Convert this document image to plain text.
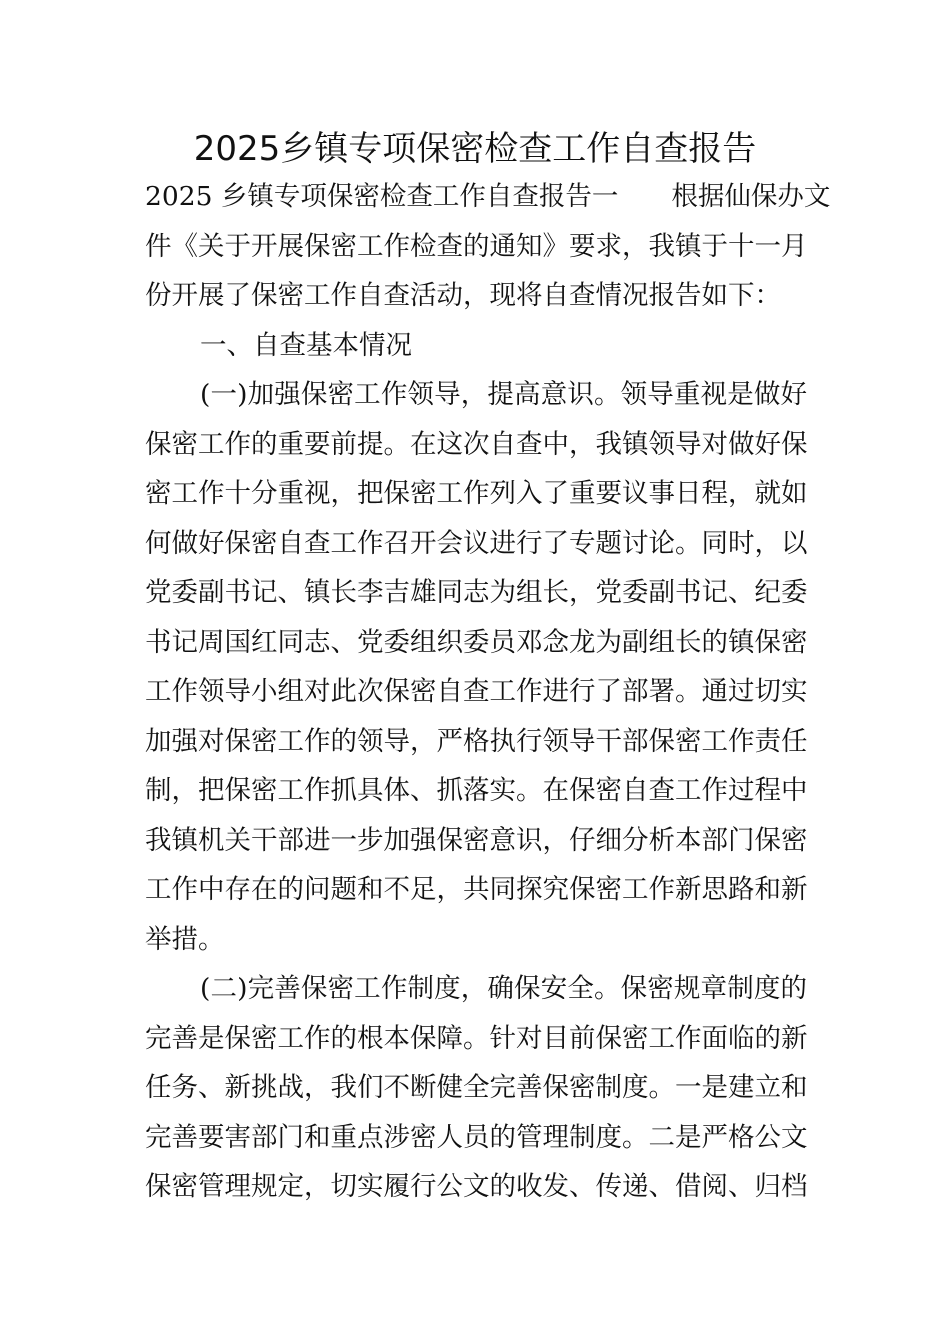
2025乡镇专项保密检查工作自查报告
2025 乡镇专项保密检查工作自查报告一　　根据仙保办文
件《关于开展保密工作检查的通知》要求，我镇于十一月
份开展了保密工作自查活动，现将自查情况报告如下：
一、自查基本情况
(一)加强保密工作领导，提高意识。领导重视是做好
保密工作的重要前提。在这次自查中，我镇领导对做好保
密工作十分重视，把保密工作列入了重要议事日程，就如
何做好保密自查工作召开会议进行了专题讨论。同时，以
党委副书记、镇长李吉雄同志为组长，党委副书记、纪委
书记周国红同志、党委组织委员邓念龙为副组长的镇保密
工作领导小组对此次保密自查工作进行了部署。通过切实
加强对保密工作的领导，严格执行领导干部保密工作责任
制，把保密工作抓具体、抓落实。在保密自查工作过程中
我镇机关干部进一步加强保密意识，仔细分析本部门保密
工作中存在的问题和不足，共同探究保密工作新思路和新
举措。
(二)完善保密工作制度，确保安全。保密规章制度的
完善是保密工作的根本保障。针对目前保密工作面临的新
任务、新挑战，我们不断健全完善保密制度。一是建立和
完善要害部门和重点涉密人员的管理制度。二是严格公文
保密管理规定，切实履行公文的收发、传递、借阅、归档
